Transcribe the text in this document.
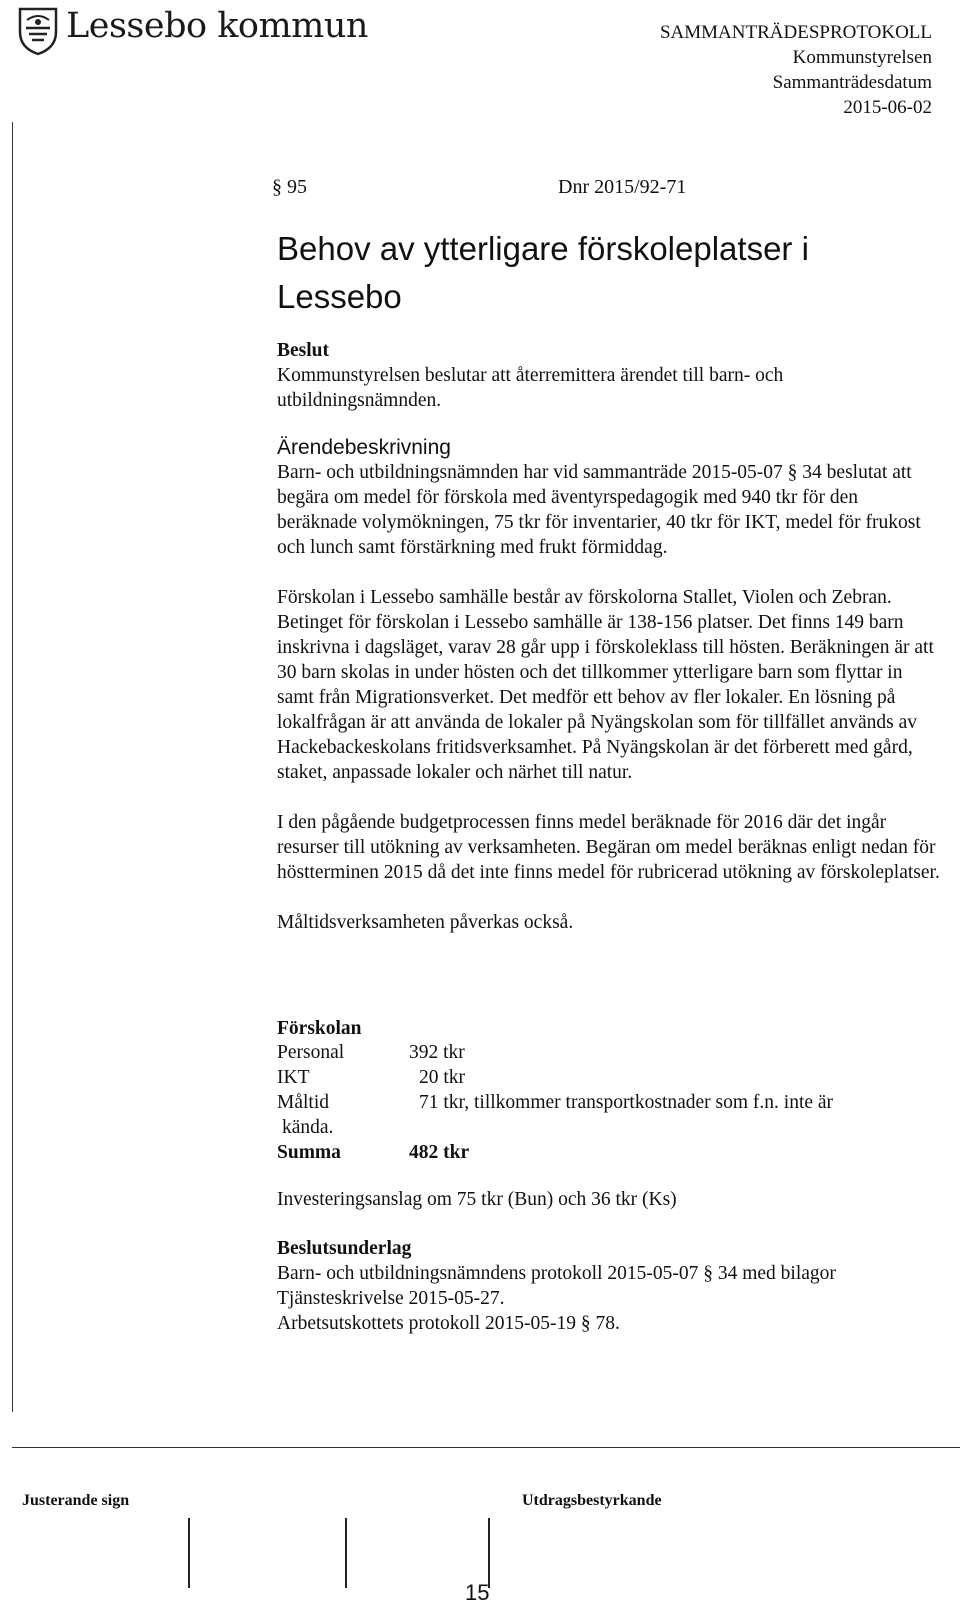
Lessebo kommun	SAMMANTRÄDESPROTOKOLL
Kommunstyrelsen
Sammanträdesdatum
2015-06-02
§ 95	Dnr 2015/92-71
Behov av ytterligare förskoleplatser i Lessebo

Beslut

Kommunstyrelsen beslutar att återremittera ärendet till barn- och utbildningsnämnden.

Ärendebeskrivning

Barn- och utbildningsnämnden har vid sammanträde 2015-05-07 § 34 beslutat att begära om medel för förskola med äventyrspedagogik med 940 tkr för den beräknade volymökningen, 75 tkr för inventarier, 40 tkr för IKT, medel för frukost och lunch samt förstärkning med frukt förmiddag.

Förskolan i Lessebo samhälle består av förskolorna Stallet, Violen och Zebran. Betinget för förskolan i Lessebo samhälle är 138-156 platser. Det finns 149 barn inskrivna i dagsläget, varav 28 går upp i förskoleklass till hösten. Beräkningen är att 30 barn skolas in under hösten och det tillkommer ytterligare barn som flyttar in samt från Migrationsverket. Det medför ett behov av fler lokaler. En lösning på lokalfrågan är att använda de lokaler på Nyängskolan som för tillfället används av Hackebackeskolans fritidsverksamhet. På Nyängskolan är det förberett med gård, staket, anpassade lokaler och närhet till natur.

I den pågående budgetprocessen finns medel beräknade för 2016 där det ingår resurser till utökning av verksamheten. Begäran om medel beräknas enligt nedan för höstterminen 2015 då det inte finns medel för rubricerad utökning av förskoleplatser.

Måltidsverksamheten påverkas också.

Förskolan

Personal	392 tkr
IKT	20 tkr
Måltid	71 tkr, tillkommer transportkostnader som f.n. inte är
kända.
Summa	482 tkr

Investeringsanslag om 75 tkr (Bun) och 36 tkr (Ks)

Beslutsunderlag

Barn- och utbildningsnämndens protokoll 2015-05-07 § 34 med bilagor

Tjänsteskrivelse 2015-05-27.

Arbetsutskottets protokoll 2015-05-19 § 78.

Justerande sign	Utdragsbestyrkande
15
